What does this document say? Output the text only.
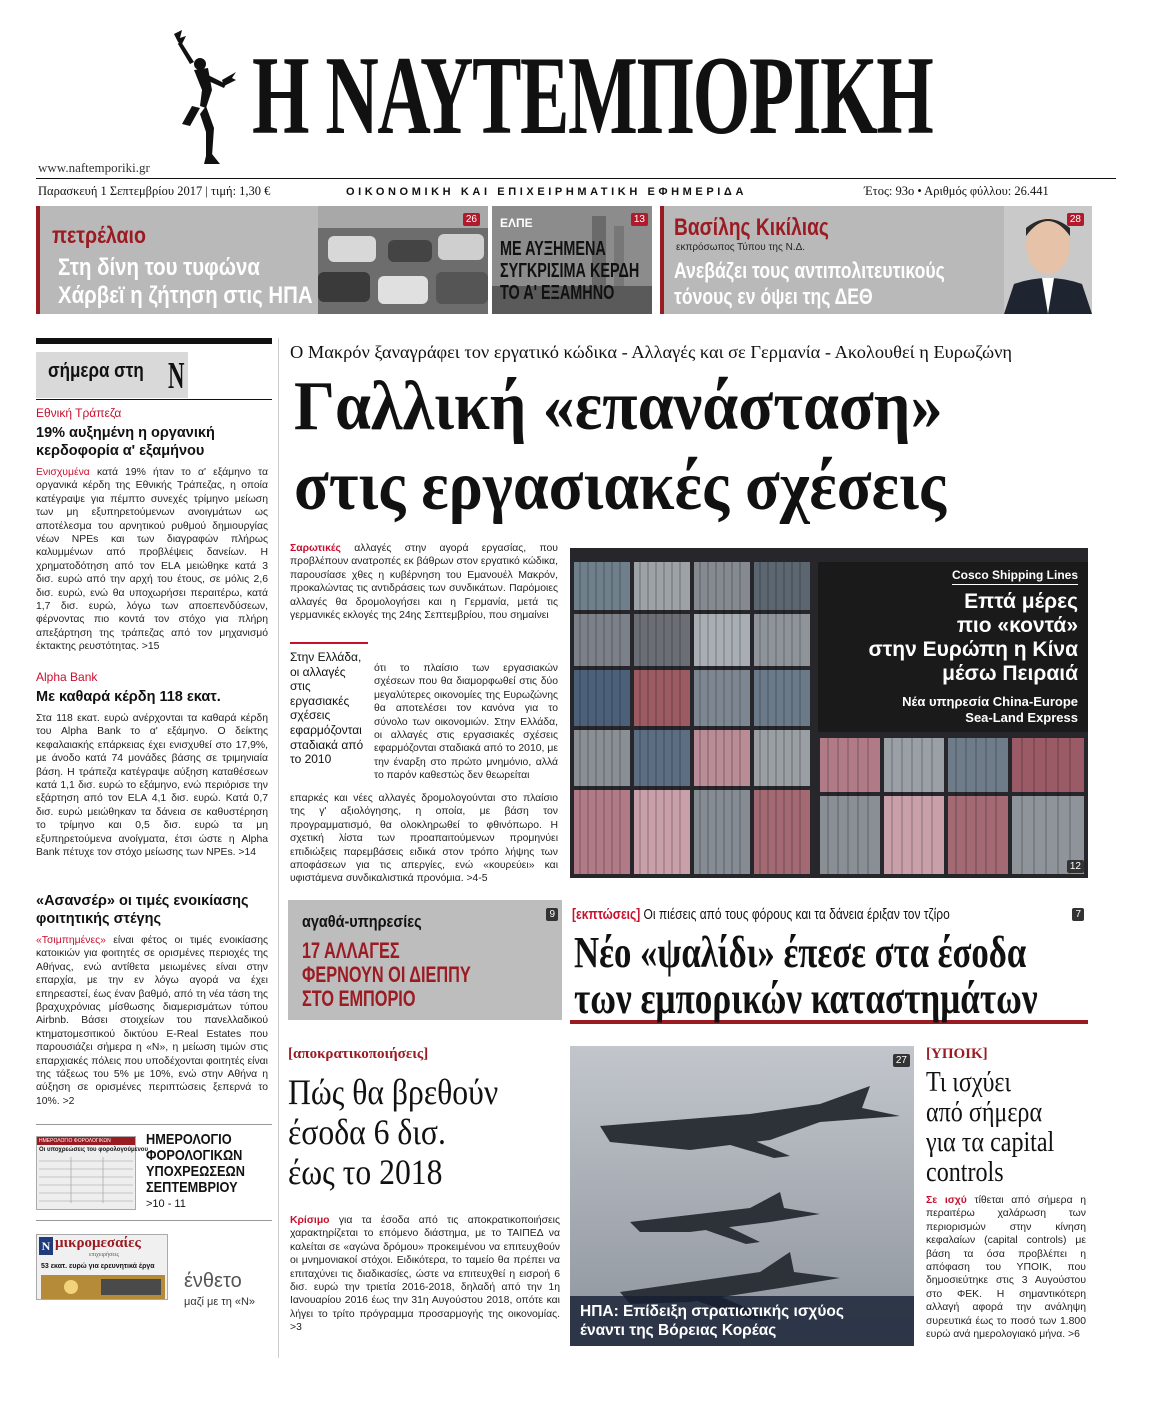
Η ΝΑΥΤΕΜΠΟΡΙΚΗ
www.naftemporiki.gr
Παρασκευή 1 Σεπτεμβρίου 2017 | τιμή: 1,30 €	ΟΙΚΟΝΟΜΙΚΗ ΚΑΙ ΕΠΙΧΕΙΡΗΜΑΤΙΚΗ ΕΦΗΜΕΡΙΔΑ	Έτος: 93ο • Αριθμός φύλλου: 26.441
26
πετρέλαιο
Στη δίνη του τυφώνα
Χάρβεϊ η ζήτηση στις ΗΠΑ
13
ΕΛΠΕ
ΜΕ ΑΥΞΗΜΕΝΑ
ΣΥΓΚΡΙΣΙΜΑ ΚΕΡΔΗ
ΤΟ Α' ΕΞΑΜΗΝΟ
28
Βασίλης Κικίλιας
εκπρόσωπος Τύπου της Ν.Δ.
Ανεβάζει τους αντιπολιτευτικούς
τόνους εν όψει της ΔΕΘ
σήμερα στη N
Εθνική Τράπεζα
19% αυξημένη η οργανική κερδοφορία α' εξαμήνου

Ενισχυμένα κατά 19% ήταν το α' εξάμηνο τα οργανικά κέρδη της Εθνικής Τράπεζας, η οποία κατέγραψε για πέμπτο συνεχές τρίμηνο μείωση των μη εξυπηρετούμενων ανοιγμάτων ως αποτέλεσμα του αρνητικού ρυθμού δημιουργίας νέων NPEs και των διαγραφών πλήρως καλυμμένων από προβλέψεις δανείων. Η χρηματοδότηση από τον ELA μειώθηκε κατά 3 δισ. ευρώ από την αρχή του έτους, σε μόλις 2,6 δισ. ευρώ, ενώ θα υποχωρήσει περαιτέρω, κατά 1,7 δισ. ευρώ, λόγω των αποεπενδύσεων, φέρνοντας πιο κοντά τον στόχο για πλήρη απεξάρτηση της τράπεζας από τον μηχανισμό έκτακτης ρευστότητας. >15

Alpha Bank
Με καθαρά κέρδη 118 εκατ.

Στα 118 εκατ. ευρώ ανέρχονται τα καθαρά κέρδη του Alpha Bank το α' εξάμηνο. Ο δείκτης κεφαλαιακής επάρκειας έχει ενισχυθεί στο 17,9%, με άνοδο κατά 74 μονάδες βάσης σε τριμηνιαία βάση. Η τράπεζα κατέγραψε αύξηση καταθέσεων κατά 1,1 δισ. ευρώ το εξάμηνο, ενώ περιόρισε την εξάρτηση από τον ELA 4,1 δισ. ευρώ. Κατά 0,7 δισ. ευρώ μειώθηκαν τα δάνεια σε καθυστέρηση το τρίμηνο και 0,5 δισ. ευρώ τα μη εξυπηρετούμενα ανοίγματα, έτσι ώστε η Alpha Bank πέτυχε τον στόχο μείωσης των NPEs. >14

«Ασανσέρ» οι τιμές ενοικίασης φοιτητικής στέγης

«Τσιμπημένες» είναι φέτος οι τιμές ενοικίασης κατοικιών για φοιτητές σε ορισμένες περιοχές της Αθήνας, ενώ αντίθετα μειωμένες είναι στην επαρχία, με την εν λόγω αγορά να έχει επηρεαστεί, έως έναν βαθμό, από τη νέα τάση της βραχυχρόνιας μίσθωσης διαμερισμάτων τύπου Airbnb. Βάσει στοιχείων του πανελλαδικού κτηματομεσιτικού δικτύου E-Real Estates που παρουσιάζει σήμερα η «Ν», η μείωση τιμών στις επαρχιακές πόλεις που υποδέχονται φοιτητές είναι της τάξεως του 5% με 10%, ενώ στην Αθήνα η αύξηση σε ορισμένες περιπτώσεις ξεπερνά το 10%. >2

ΗΜΕΡΟΛΟΓΙΟ ΦΟΡΟΛΟΓΙΚΩΝ
Οι υποχρεώσεις του φορολογούμενου
ΗΜΕΡΟΛΟΓΙΟ
ΦΟΡΟΛΟΓΙΚΩΝ
ΥΠΟΧΡΕΩΣΕΩΝ
ΣΕΠΤΕΜΒΡΙΟΥ
>10 - 11
Ν μικρομεσαίες
επιχειρήσεις
53 εκατ. ευρώ για ερευνητικά έργα
ένθετο
μαζί με τη «Ν»
Ο Μακρόν ξαναγράφει τον εργατικό κώδικα - Αλλαγές και σε Γερμανία - Ακολουθεί η Ευρωζώνη
Γαλλική «επανάσταση»
στις εργασιακές σχέσεις

Σαρωτικές αλλαγές στην αγορά εργασίας, που προβλέπουν ανατροπές εκ βάθρων στον εργατικό κώδικα, παρουσίασε χθες η κυβέρνηση του Εμανουέλ Μακρόν, προκαλώντας τις αντιδράσεις των συνδικάτων. Παρόμοιες αλλαγές θα δρομολογήσει και η Γερμανία, μετά τις γερμανικές εκλογές της 24ης Σεπτεμβρίου, που σημαίνει

Στην Ελλάδα, οι αλλαγές στις εργασιακές σχέσεις εφαρμόζονται σταδιακά από το 2010

ότι το πλαίσιο των εργασιακών σχέσεων που θα διαμορφωθεί στις δύο μεγαλύτερες οικονομίες της Ευρωζώνης θα αποτελέσει τον κανόνα για το σύνολο των οικονομιών. Στην Ελλάδα, οι αλλαγές στις εργασιακές σχέσεις εφαρμόζονται σταδιακά από το 2010, με την έναρξη στο πρώτο μνημόνιο, αλλά το παρόν καθεστώς δεν θεωρείται

επαρκές και νέες αλλαγές δρομολογούνται στο πλαίσιο της γ' αξιολόγησης, η οποία, με βάση τον προγραμματισμό, θα ολοκληρωθεί το φθινόπωρο. Η σχετική λίστα των προαπαιτούμενων προμηνύει επιδιώξεις παρεμβάσεις ειδικά στον τρόπο λήψης των αποφάσεων για τις απεργίες, ενώ «κουρεύει» και υφιστάμενα συνδικαλιστικά προνόμια. >4-5

Cosco Shipping Lines
Επτά μέρες
πιο «κοντά»
στην Ευρώπη η Κίνα
μέσω Πειραιά
Νέα υπηρεσία China-Europe
Sea-Land Express
12
9
αγαθά-υπηρεσίες
17 ΑΛΛΑΓΕΣ
ΦΕΡΝΟΥΝ ΟΙ ΔΙΕΠΠΥ
ΣΤΟ ΕΜΠΟΡΙΟ
7
[εκπτώσεις] Οι πιέσεις από τους φόρους και τα δάνεια έριξαν τον τζίρο
Νέο «ψαλίδι» έπεσε στα έσοδα
των εμπορικών καταστημάτων
[αποκρατικοποιήσεις]
Πώς θα βρεθούν
έσοδα 6 δισ.
έως το 2018

Κρίσιμο για τα έσοδα από τις αποκρατικοποιήσεις χαρακτηρίζεται το επόμενο διάστημα, με το ΤΑΙΠΕΔ να καλείται σε «αγώνα δρόμου» προκειμένου να επιτευχθούν οι μνημονιακοί στόχοι. Ειδικότερα, το ταμείο θα πρέπει να επιταχύνει τις διαδικασίες, ώστε να επιτευχθεί η εισροή 6 δισ. ευρώ την τριετία 2016-2018, δηλαδή από την 1η Ιανουαρίου 2016 έως την 31η Αυγούστου 2018, οπότε και λήγει το τρίτο πρόγραμμα προσαρμογής της οικονομίας. >3

27
ΗΠΑ: Επίδειξη στρατιωτικής ισχύος
έναντι της Βόρειας Κορέας
[ΥΠΟΙΚ]
Τι ισχύει
από σήμερα
για τα capital
controls

Σε ισχύ τίθεται από σήμερα η περαιτέρω χαλάρωση των περιορισμών στην κίνηση κεφαλαίων (capital controls) με βάση τα όσα προβλέπει η απόφαση του ΥΠΟΙΚ, που δημοσιεύτηκε στις 3 Αυγούστου στο ΦΕΚ. Η σημαντικότερη αλλαγή αφορά την ανάληψη συρευτικά έως το ποσό των 1.800 ευρώ ανά ημερολογιακό μήνα. >6
